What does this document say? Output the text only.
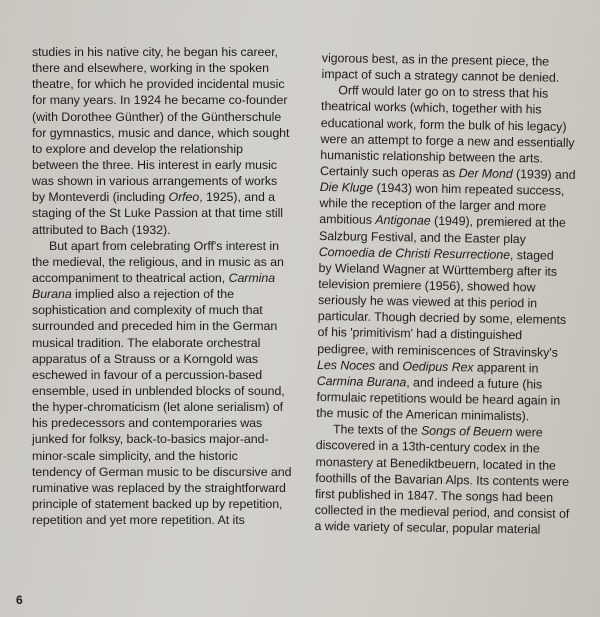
studies in his native city, he began his career,
there and elsewhere, working in the spoken
theatre, for which he provided incidental music
for many years. In 1924 he became co-founder
(with Dorothee Günther) of the Güntherschule
for gymnastics, music and dance, which sought
to explore and develop the relationship
between the three. His interest in early music
was shown in various arrangements of works
by Monteverdi (including Orfeo, 1925), and a
staging of the St Luke Passion at that time still
attributed to Bach (1932).
But apart from celebrating Orff's interest in
the medieval, the religious, and in music as an
accompaniment to theatrical action, Carmina
Burana implied also a rejection of the
sophistication and complexity of much that
surrounded and preceded him in the German
musical tradition. The elaborate orchestral
apparatus of a Strauss or a Korngold was
eschewed in favour of a percussion-based
ensemble, used in unblended blocks of sound,
the hyper-chromaticism (let alone serialism) of
his predecessors and contemporaries was
junked for folksy, back-to-basics major-and-
minor-scale simplicity, and the historic
tendency of German music to be discursive and
ruminative was replaced by the straightforward
principle of statement backed up by repetition,
repetition and yet more repetition. At its
vigorous best, as in the present piece, the
impact of such a strategy cannot be denied.
Orff would later go on to stress that his
theatrical works (which, together with his
educational work, form the bulk of his legacy)
were an attempt to forge a new and essentially
humanistic relationship between the arts.
Certainly such operas as Der Mond (1939) and
Die Kluge (1943) won him repeated success,
while the reception of the larger and more
ambitious Antigonae (1949), premiered at the
Salzburg Festival, and the Easter play
Comoedia de Christi Resurrectione, staged
by Wieland Wagner at Württemberg after its
television premiere (1956), showed how
seriously he was viewed at this period in
particular. Though decried by some, elements
of his 'primitivism' had a distinguished
pedigree, with reminiscences of Stravinsky's
Les Noces and Oedipus Rex apparent in
Carmina Burana, and indeed a future (his
formulaic repetitions would be heard again in
the music of the American minimalists).
The texts of the Songs of Beuern were
discovered in a 13th-century codex in the
monastery at Benediktbeuern, located in the
foothills of the Bavarian Alps. Its contents were
first published in 1847. The songs had been
collected in the medieval period, and consist of
a wide variety of secular, popular material
6
